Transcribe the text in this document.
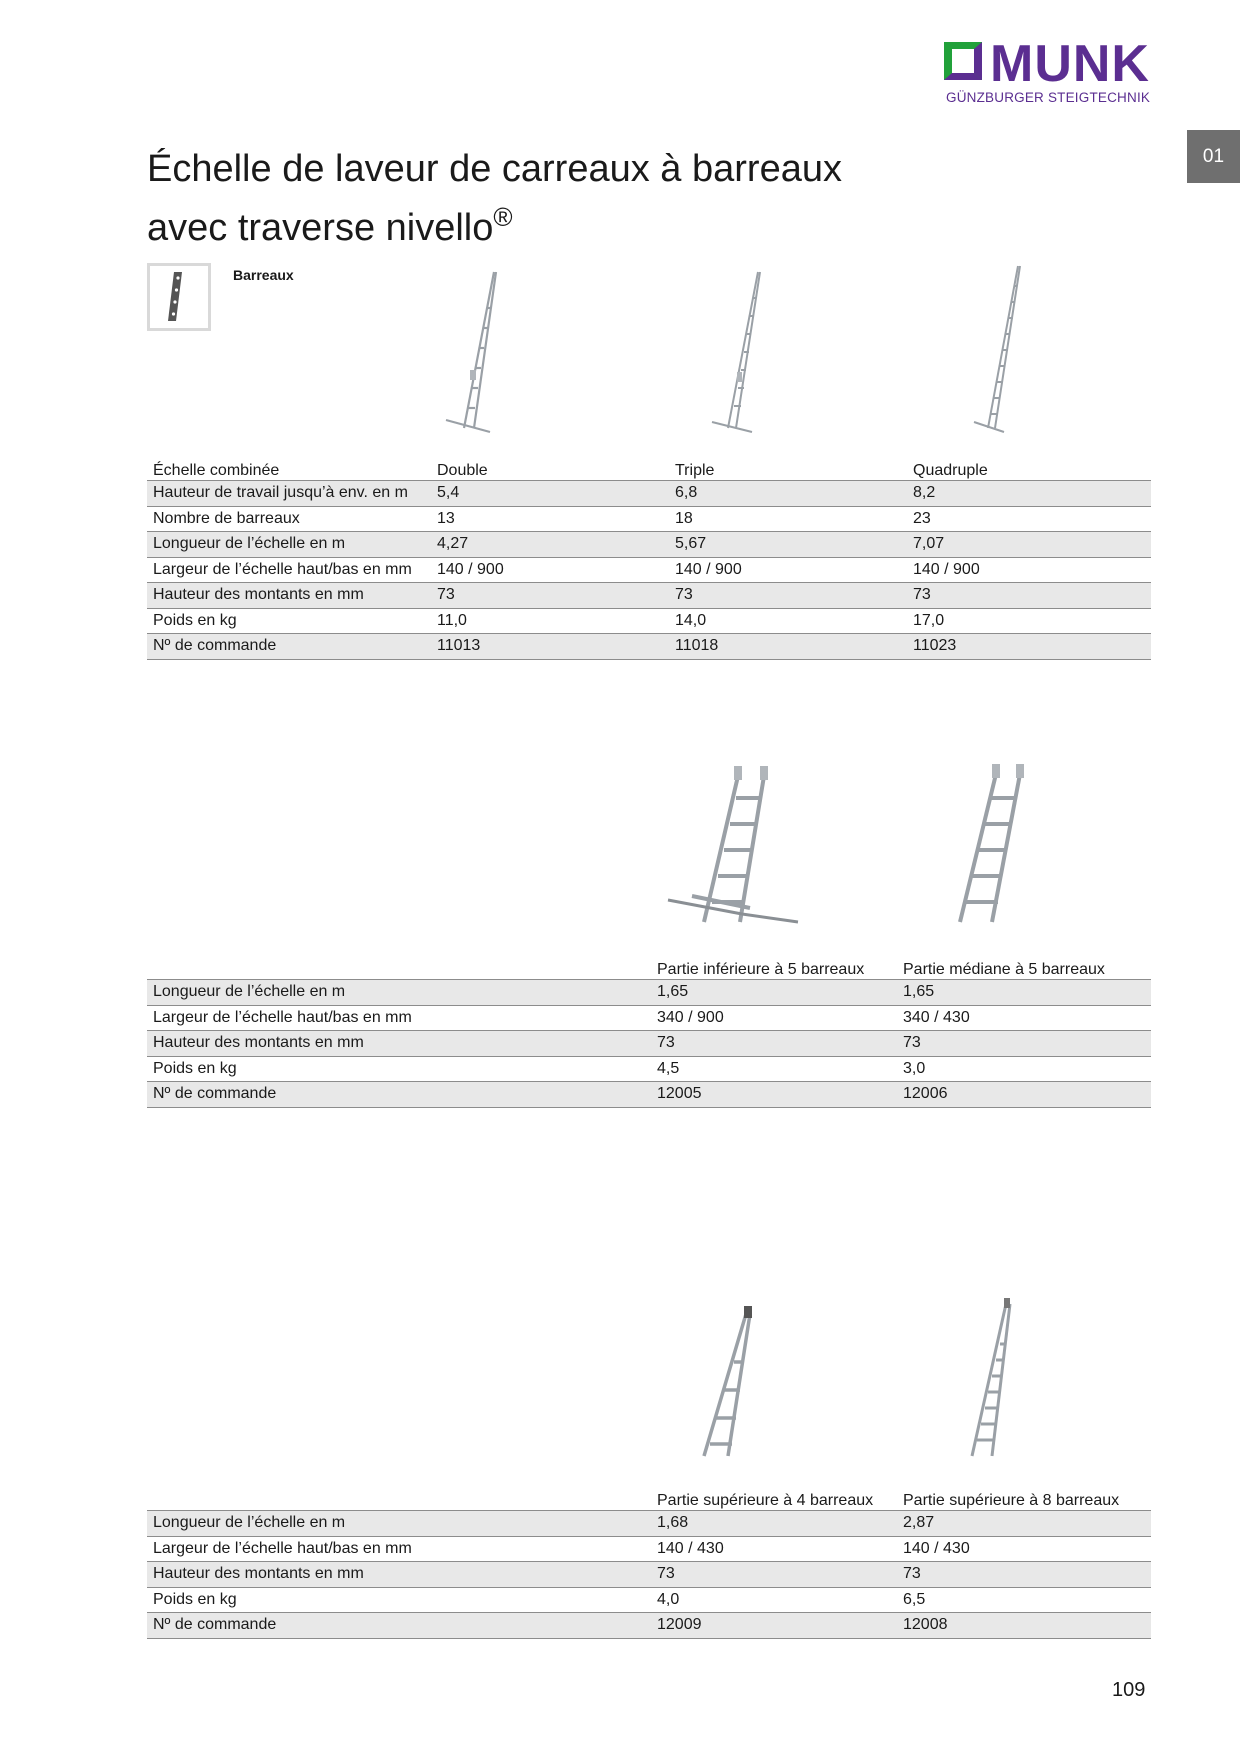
MUNK
GÜNZBURGER STEIGTECHNIK
01
Échelle de laveur de carreaux à barreaux
avec traverse nivello®
Barreaux
Échelle combinée	Double	Triple	Quadruple
Hauteur de travail jusqu’à env. en m	5,4	6,8	8,2
Nombre de barreaux	13	18	23
Longueur de l’échelle en m	4,27	5,67	7,07
Largeur de l’échelle haut/bas en mm	140 / 900	140 / 900	140 / 900
Hauteur des montants en mm	73	73	73
Poids en kg	11,0	14,0	17,0
Nº de commande	11013	11018	11023
	Partie inférieure à 5 barreaux	Partie médiane à 5 barreaux
Longueur de l’échelle en m	1,65	1,65
Largeur de l’échelle haut/bas en mm	340 / 900	340 / 430
Hauteur des montants en mm	73	73
Poids en kg	4,5	3,0
Nº de commande	12005	12006
	Partie supérieure à 4 barreaux	Partie supérieure à 8 barreaux
Longueur de l’échelle en m	1,68	2,87
Largeur de l’échelle haut/bas en mm	140 / 430	140 / 430
Hauteur des montants en mm	73	73
Poids en kg	4,0	6,5
Nº de commande	12009	12008
109
